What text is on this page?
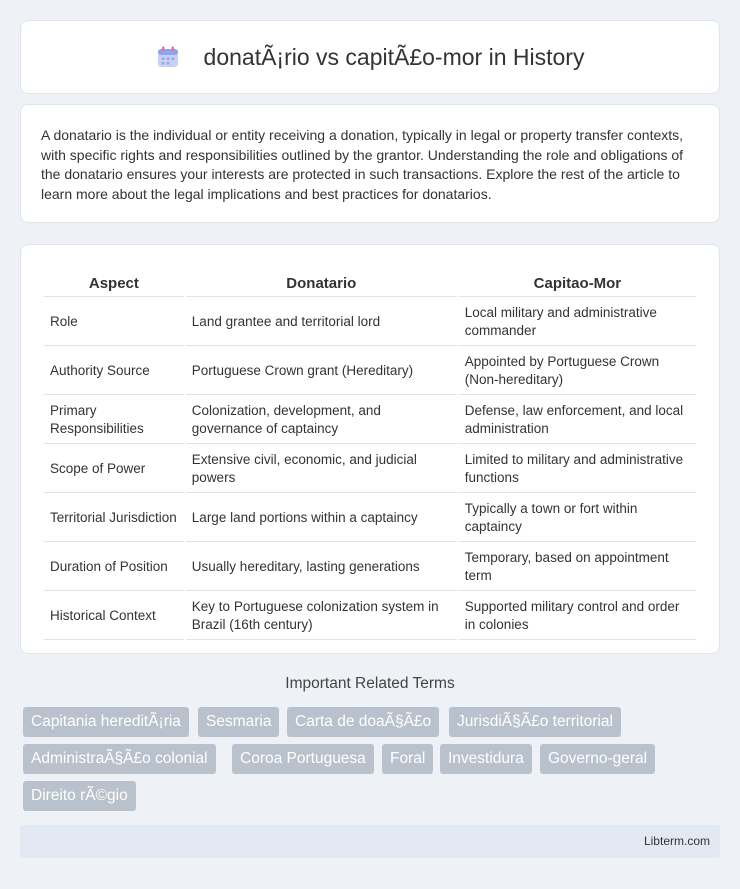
donatÃ¡rio vs capitÃ£o-mor in History

A donatario is the individual or entity receiving a donation, typically in legal or property transfer contexts, with specific rights and responsibilities outlined by the grantor. Understanding the role and obligations of the donatario ensures your interests are protected in such transactions. Explore the rest of the article to learn more about the legal implications and best practices for donatarios.

Aspect	Donatario	Capitao-Mor
Role	Land grantee and territorial lord	Local military and administrative commander
Authority Source	Portuguese Crown grant (Hereditary)	Appointed by Portuguese Crown (Non-hereditary)
Primary Responsibilities	Colonization, development, and governance of captaincy	Defense, law enforcement, and local administration
Scope of Power	Extensive civil, economic, and judicial powers	Limited to military and administrative functions
Territorial Jurisdiction	Large land portions within a captaincy	Typically a town or fort within captaincy
Duration of Position	Usually hereditary, lasting generations	Temporary, based on appointment term
Historical Context	Key to Portuguese colonization system in Brazil (16th century)	Supported military control and order in colonies
Important Related Terms
Capitania hereditÃ¡ria	Sesmaria	Carta de doaÃ§Ã£o	JurisdiÃ§Ã£o territorial
AdministraÃ§Ã£o colonial	Coroa Portuguesa	Foral	Investidura	Governo-geral
Direito rÃ©gio
Libterm.com
